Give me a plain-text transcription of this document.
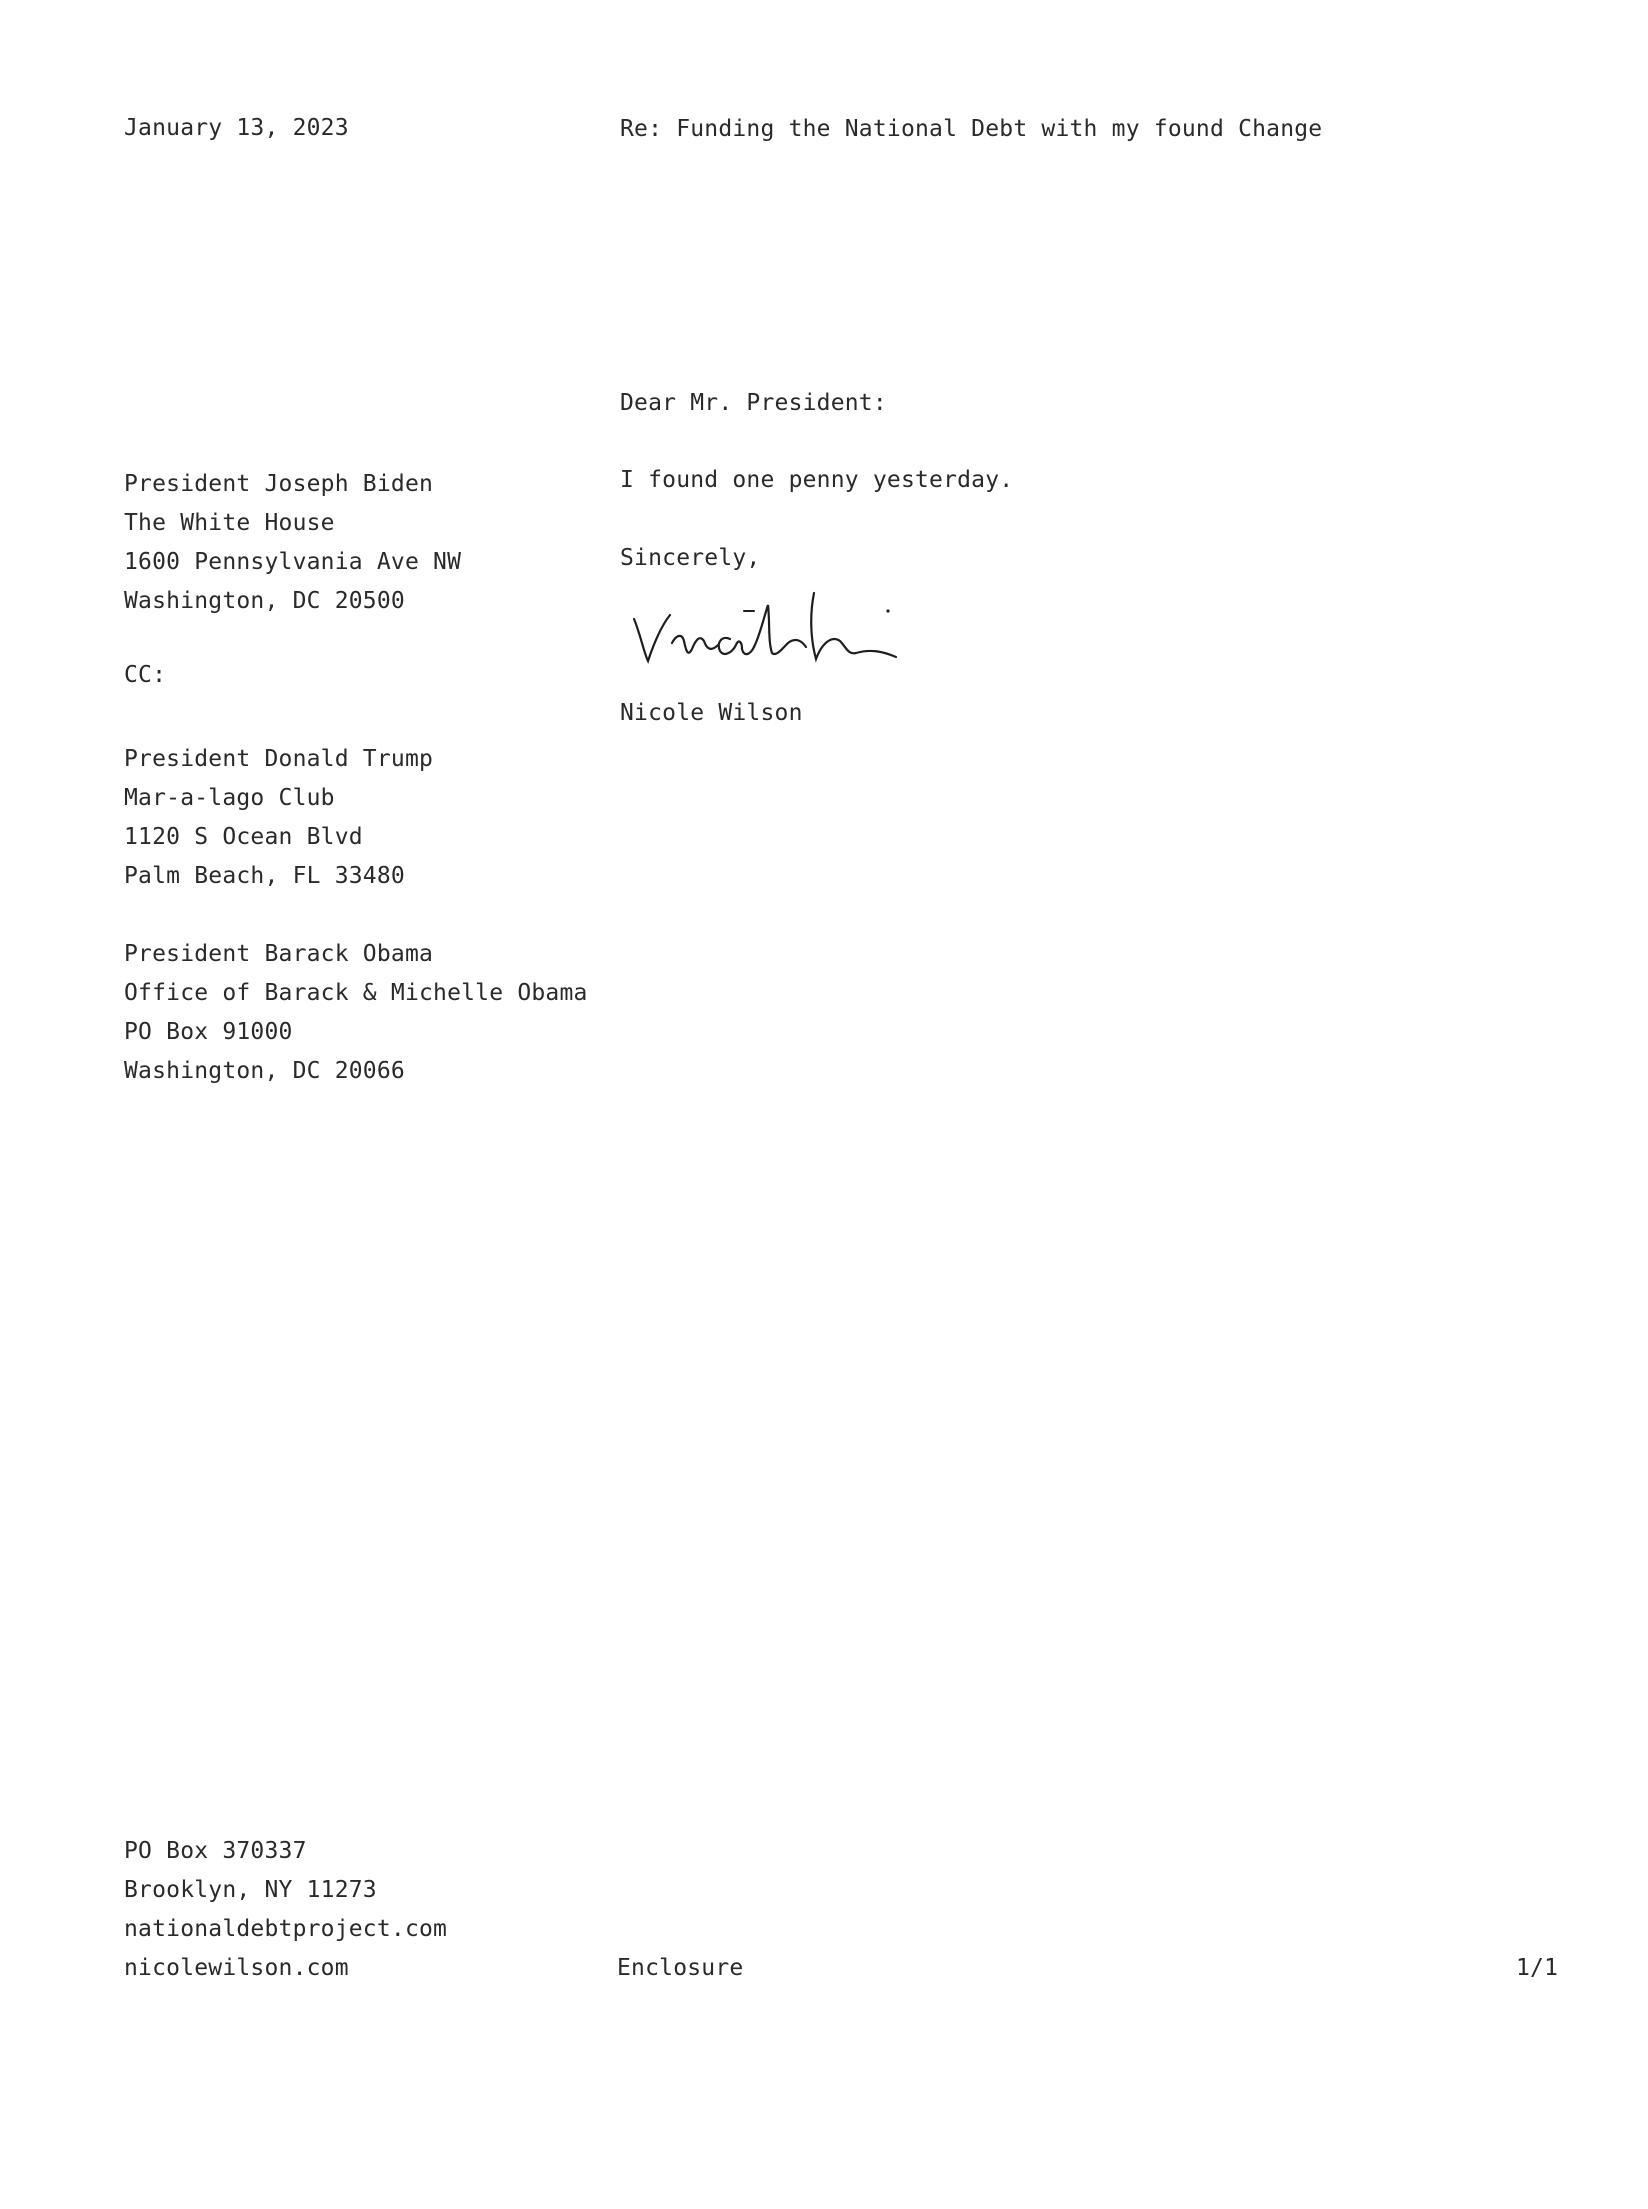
January 13, 2023	Re: Funding the National Debt with my found Change
Dear Mr. President:
I found one penny yesterday.
Sincerely,
Nicole Wilson
President Joseph Biden
The White House
1600 Pennsylvania Ave NW
Washington, DC 20500
CC:
President Donald Trump
Mar-a-lago Club
1120 S Ocean Blvd
Palm Beach, FL 33480
President Barack Obama
Office of Barack & Michelle Obama
PO Box 91000
Washington, DC 20066
PO Box 370337
Brooklyn, NY 11273
nationaldebtproject.com
nicolewilson.com	Enclosure	1/1
